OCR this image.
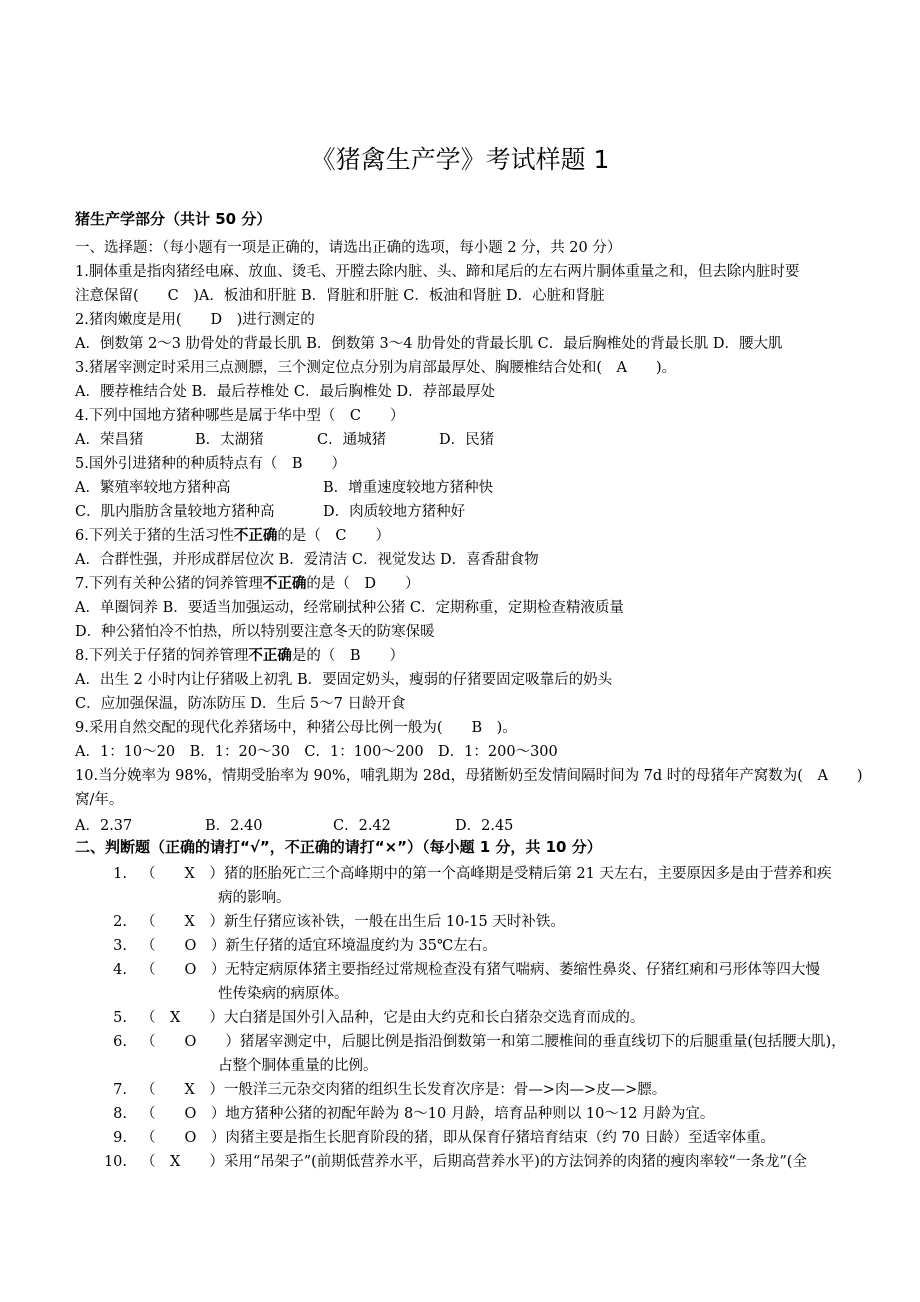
《猪禽生产学》考试样题 1
猪生产学部分（共计 50 分）
一、选择题：（每小题有一项是正确的，请选出正确的选项，每小题 2 分，共 20 分）
1.胴体重是指肉猪经电麻、放血、烫毛、开膛去除内脏、头、蹄和尾后的左右两片胴体重量之和，但去除内脏时要
注意保留(　　C　)A．板油和肝脏 B．肾脏和肝脏 C．板油和肾脏 D．心脏和肾脏
2.猪肉嫩度是用(　　D　)进行测定的
A．倒数第 2～3 肋骨处的背最长肌 B．倒数第 3～4 肋骨处的背最长肌 C．最后胸椎处的背最长肌 D．腰大肌
3.猪屠宰测定时采用三点测膘，三个测定位点分别为肩部最厚处、胸腰椎结合处和(　A　　)。
A．腰荐椎结合处 B．最后荐椎处 C．最后胸椎处 D．荐部最厚处
4.下列中国地方猪种哪些是属于华中型（　C　　）
A．荣昌猪	B．太湖猪	C．通城猪	D．民猪
5.国外引进猪种的种质特点有（　B　　）
A．繁殖率较地方猪种高	B．增重速度较地方猪种快
C．肌内脂肪含量较地方猪种高	D．肉质较地方猪种好
6.下列关于猪的生活习性不正确的是（　C　　）
A．合群性强，并形成群居位次 B．爱清洁 C．视觉发达 D．喜香甜食物
7.下列有关种公猪的饲养管理不正确的是（　D　　）
A．单圈饲养 B．要适当加强运动，经常刷拭种公猪 C．定期称重，定期检查精液质量
D．种公猪怕冷不怕热，所以特别要注意冬天的防寒保暖
8.下列关于仔猪的饲养管理不正确是的（　B　　）
A．出生 2 小时内让仔猪吸上初乳 B．要固定奶头，瘦弱的仔猪要固定吸靠后的奶头
C．应加强保温，防冻防压 D．生后 5～7 日龄开食
9.采用自然交配的现代化养猪场中，种猪公母比例一般为(　　B　)。
A．1：10～20　B．1：20～30　C．1：100～200　D．1：200～300
10.当分娩率为 98%，情期受胎率为 90%，哺乳期为 28d，母猪断奶至发情间隔时间为 7d 时的母猪年产窝数为(　A　　)
窝/年。
A．2.37	B．2.40	C．2.42	D．2.45
二、判断题（正确的请打“√”，不正确的请打“×”）（每小题 1 分，共 10 分）
1. （　　X　）猪的胚胎死亡三个高峰期中的第一个高峰期是受精后第 21 天左右，主要原因多是由于营养和疾
病的影响。
2. （　　X　）新生仔猪应该补铁，一般在出生后 10-15 天时补铁。
3. （　　O　）新生仔猪的适宜环境温度约为 35℃左右。
4. （　　O　）无特定病原体猪主要指经过常规检查没有猪气喘病、萎缩性鼻炎、仔猪红痢和弓形体等四大慢
性传染病的病原体。
5. （　X　　）大白猪是国外引入品种，它是由大约克和长白猪杂交选育而成的。
6. （　　O　　）猪屠宰测定中，后腿比例是指沿倒数第一和第二腰椎间的垂直线切下的后腿重量(包括腰大肌)，
占整个胴体重量的比例。
7. （　　X　）一般洋三元杂交肉猪的组织生长发育次序是：骨—>肉—>皮—>膘。
8. （　　O　）地方猪种公猪的初配年龄为 8～10 月龄，培育品种则以 10～12 月龄为宜。
9. （　　O　）肉猪主要是指生长肥育阶段的猪，即从保育仔猪培育结束（约 70 日龄）至适宰体重。
10. （　X　　）采用“吊架子”(前期低营养水平，后期高营养水平)的方法饲养的肉猪的瘦肉率较“一条龙”(全
